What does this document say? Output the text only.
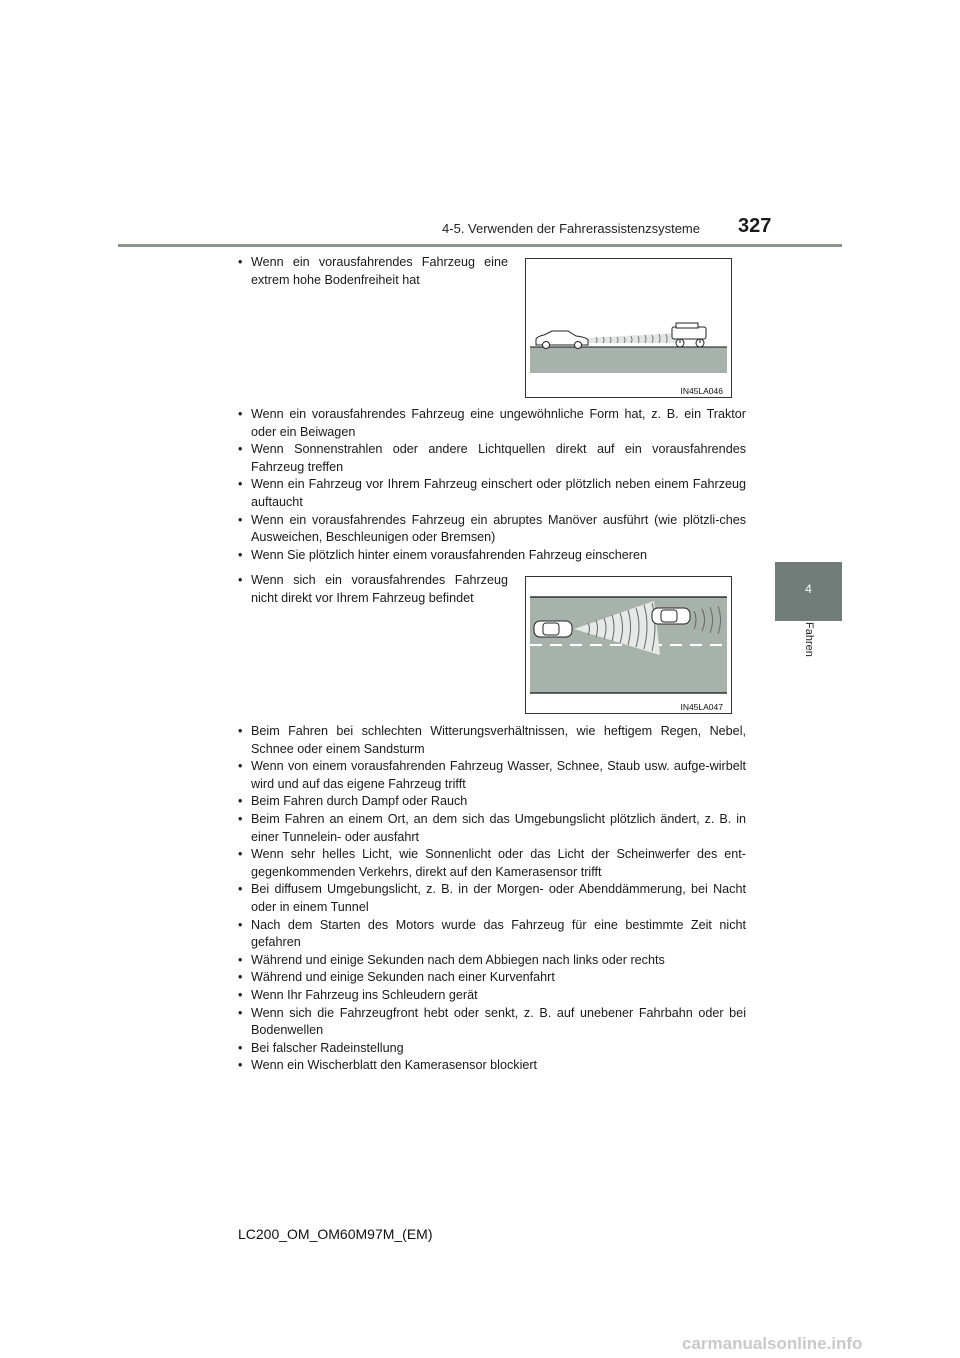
4-5. Verwenden der Fahrerassistenzsysteme 327
4
Fahren
• Wenn ein vorausfahrendes Fahrzeug eine extrem hohe Bodenfreiheit hat
IN45LA046
• Wenn ein vorausfahrendes Fahrzeug eine ungewöhnliche Form hat, z. B. ein Traktor oder ein Beiwagen
• Wenn Sonnenstrahlen oder andere Lichtquellen direkt auf ein vorausfahrendes Fahrzeug treffen
• Wenn ein Fahrzeug vor Ihrem Fahrzeug einschert oder plötzlich neben einem Fahrzeug auftaucht
• Wenn ein vorausfahrendes Fahrzeug ein abruptes Manöver ausführt (wie plötzli-ches Ausweichen, Beschleunigen oder Bremsen)
• Wenn Sie plötzlich hinter einem vorausfahrenden Fahrzeug einscheren
• Wenn sich ein vorausfahrendes Fahrzeug nicht direkt vor Ihrem Fahrzeug befindet
IN45LA047
• Beim Fahren bei schlechten Witterungsverhältnissen, wie heftigem Regen, Nebel, Schnee oder einem Sandsturm
• Wenn von einem vorausfahrenden Fahrzeug Wasser, Schnee, Staub usw. aufge-wirbelt wird und auf das eigene Fahrzeug trifft
• Beim Fahren durch Dampf oder Rauch
• Beim Fahren an einem Ort, an dem sich das Umgebungslicht plötzlich ändert, z. B. in einer Tunnelein- oder ausfahrt
• Wenn sehr helles Licht, wie Sonnenlicht oder das Licht der Scheinwerfer des ent-gegenkommenden Verkehrs, direkt auf den Kamerasensor trifft
• Bei diffusem Umgebungslicht, z. B. in der Morgen- oder Abenddämmerung, bei Nacht oder in einem Tunnel
• Nach dem Starten des Motors wurde das Fahrzeug für eine bestimmte Zeit nicht gefahren
• Während und einige Sekunden nach dem Abbiegen nach links oder rechts
• Während und einige Sekunden nach einer Kurvenfahrt
• Wenn Ihr Fahrzeug ins Schleudern gerät
• Wenn sich die Fahrzeugfront hebt oder senkt, z. B. auf unebener Fahrbahn oder bei Bodenwellen
• Bei falscher Radeinstellung
• Wenn ein Wischerblatt den Kamerasensor blockiert
LC200_OM_OM60M97M_(EM)
carmanualsonline.info
